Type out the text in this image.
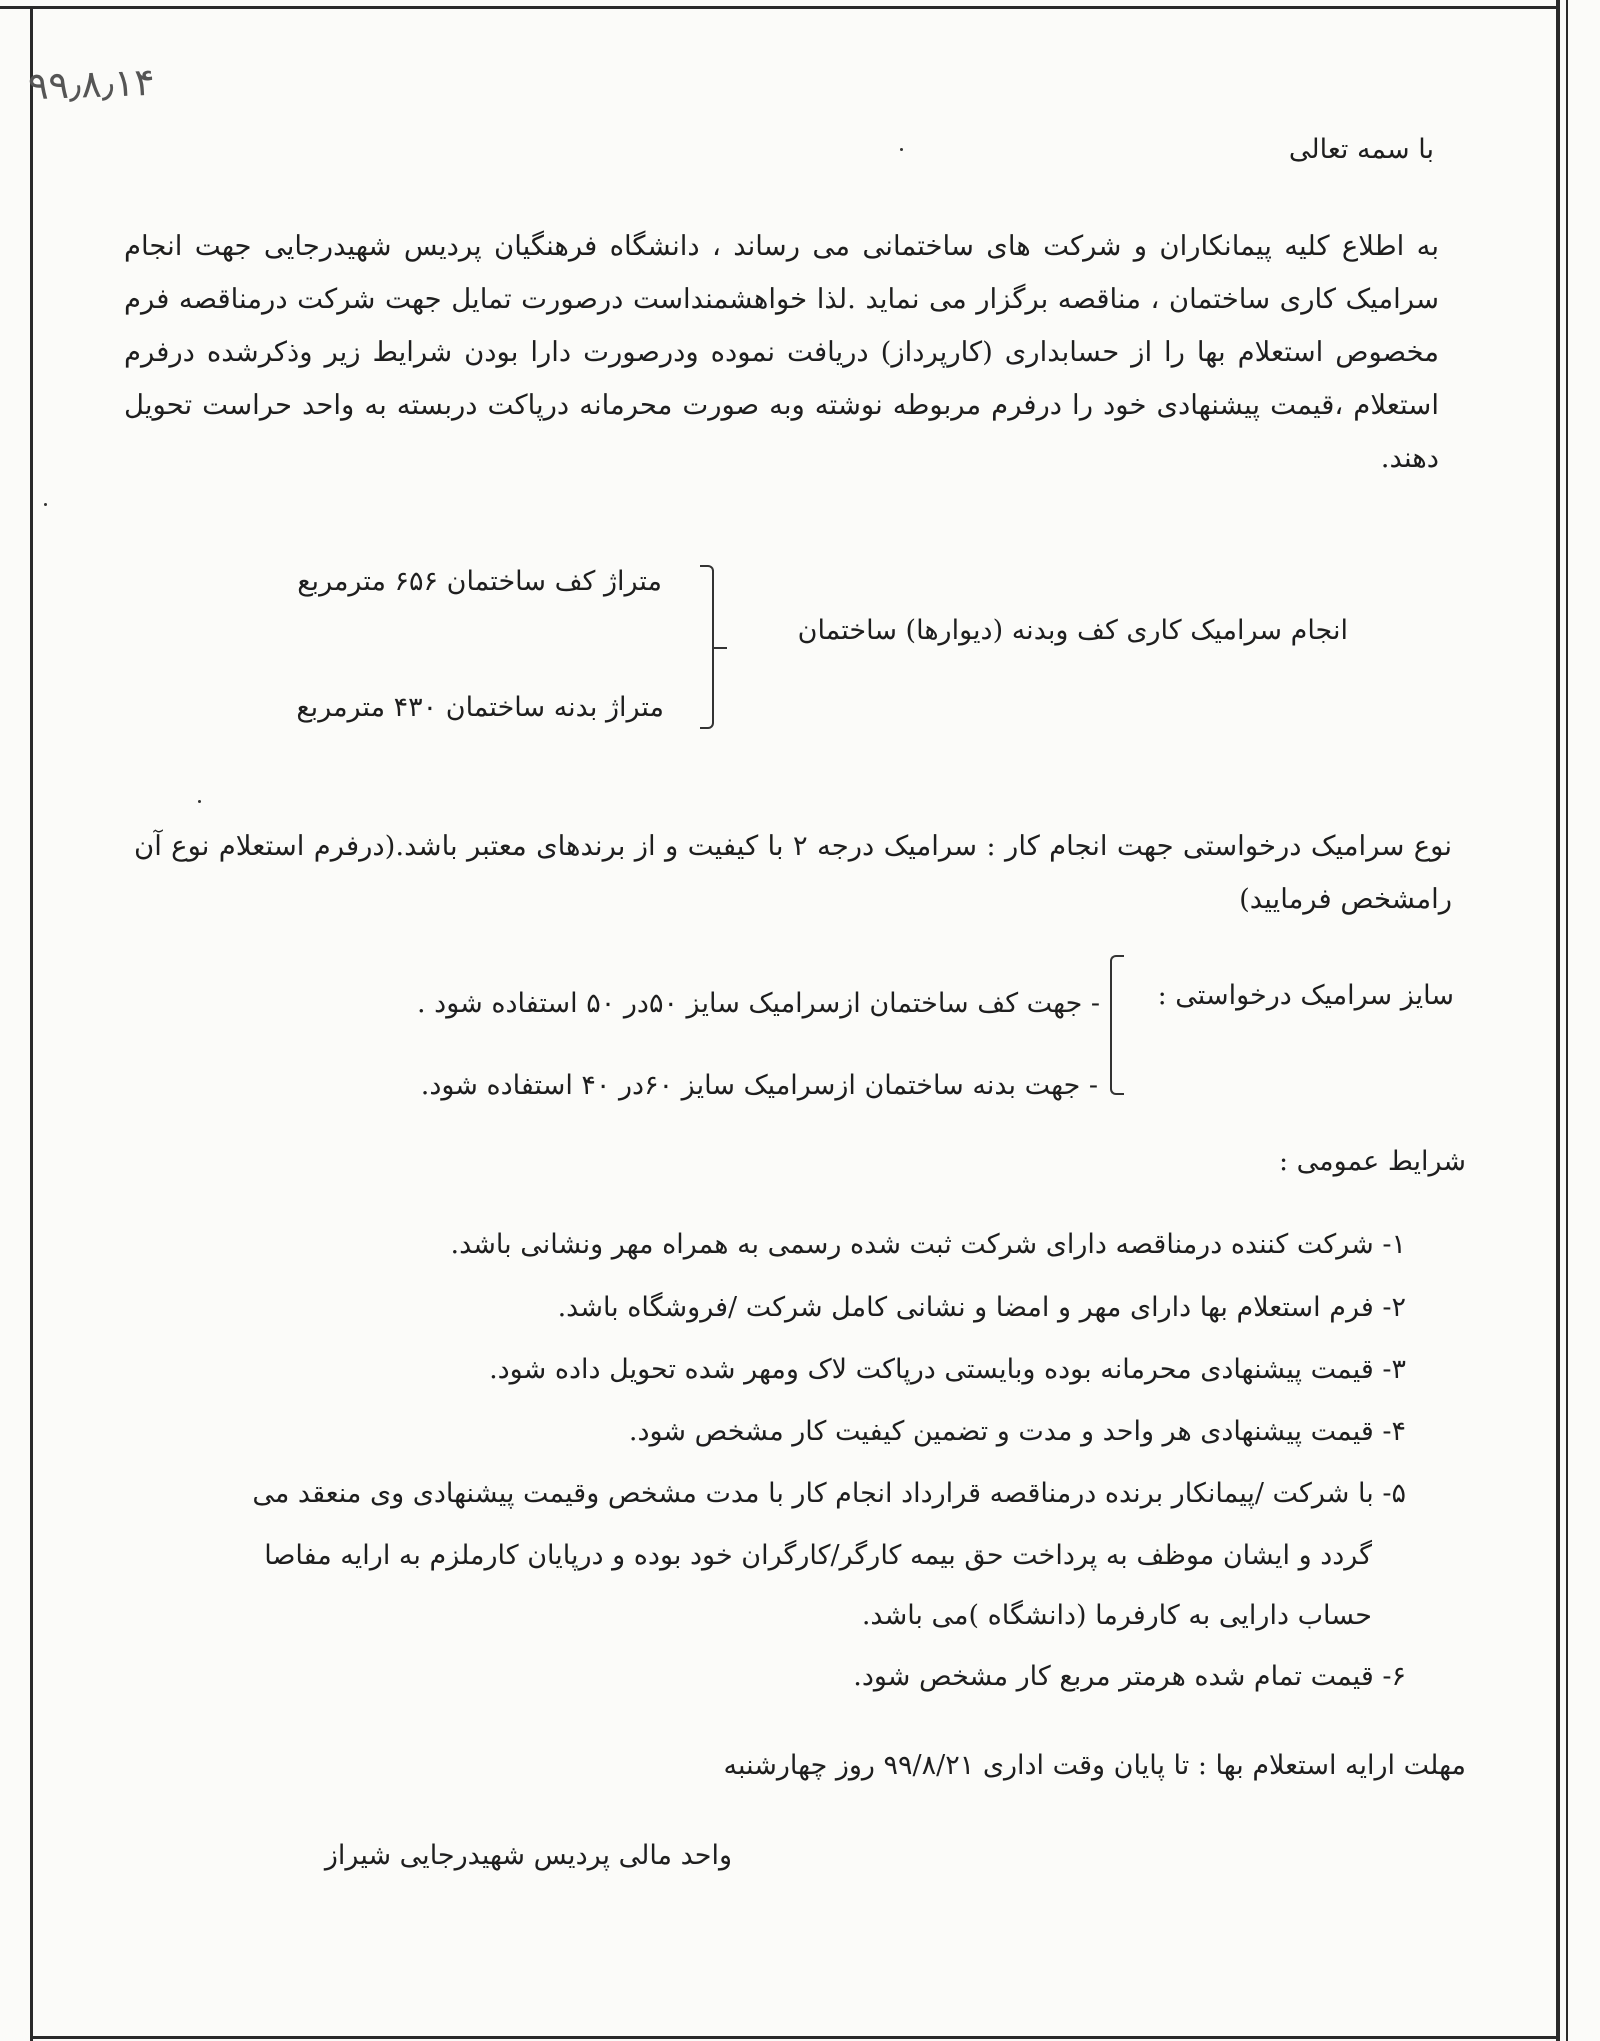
۹۹٫۸٫۱۴
با سمه تعالی
به اطلاع کلیه پیمانکاران و شرکت های ساختمانی می رساند ، دانشگاه فرهنگیان پردیس شهیدرجایی جهت انجام سرامیک کاری ساختمان ، مناقصه برگزار می نماید .لذا خواهشمنداست درصورت تمایل جهت شرکت درمناقصه فرم مخصوص استعلام بها را از حسابداری (کارپرداز) دریافت نموده ودرصورت دارا بودن شرایط زیر وذکرشده درفرم استعلام ،قیمت پیشنهادی خود را درفرم مربوطه نوشته وبه صورت محرمانه درپاکت دربسته به واحد حراست تحویل دهند.
متراژ کف ساختمان ۶۵۶ مترمربع
متراژ بدنه ساختمان ۴۳۰ مترمربع
انجام سرامیک کاری کف وبدنه (دیوارها) ساختمان
نوع سرامیک درخواستی جهت انجام کار : سرامیک درجه ۲ با کیفیت و از برندهای معتبر باشد.(درفرم استعلام نوع آن رامشخص فرمایید)
سایز سرامیک درخواستی :
- جهت کف ساختمان ازسرامیک سایز ۵۰در ۵۰ استفاده شود .
- جهت بدنه ساختمان ازسرامیک سایز ۶۰در ۴۰ استفاده شود.
شرایط عمومی :
۱- شرکت کننده درمناقصه دارای شرکت ثبت شده رسمی به همراه مهر ونشانی باشد.
۲- فرم استعلام بها دارای مهر و امضا و نشانی کامل شرکت /فروشگاه باشد.
۳- قیمت پیشنهادی محرمانه بوده وبایستی درپاکت لاک ومهر شده تحویل داده شود.
۴- قیمت پیشنهادی هر واحد و مدت و تضمین کیفیت کار مشخص شود.
۵- با شرکت /پیمانکار برنده درمناقصه قرارداد انجام کار با مدت مشخص وقیمت پیشنهادی وی منعقد می
گردد و ایشان موظف به پرداخت حق بیمه کارگر/کارگران خود بوده و درپایان کارملزم به ارایه مفاصا
حساب دارایی به کارفرما (دانشگاه )می باشد.
۶- قیمت تمام شده هرمتر مربع کار مشخص شود.
مهلت ارایه استعلام بها : تا پایان وقت اداری ۹۹/۸/۲۱ روز چهارشنبه
واحد مالی پردیس شهیدرجایی شیراز
